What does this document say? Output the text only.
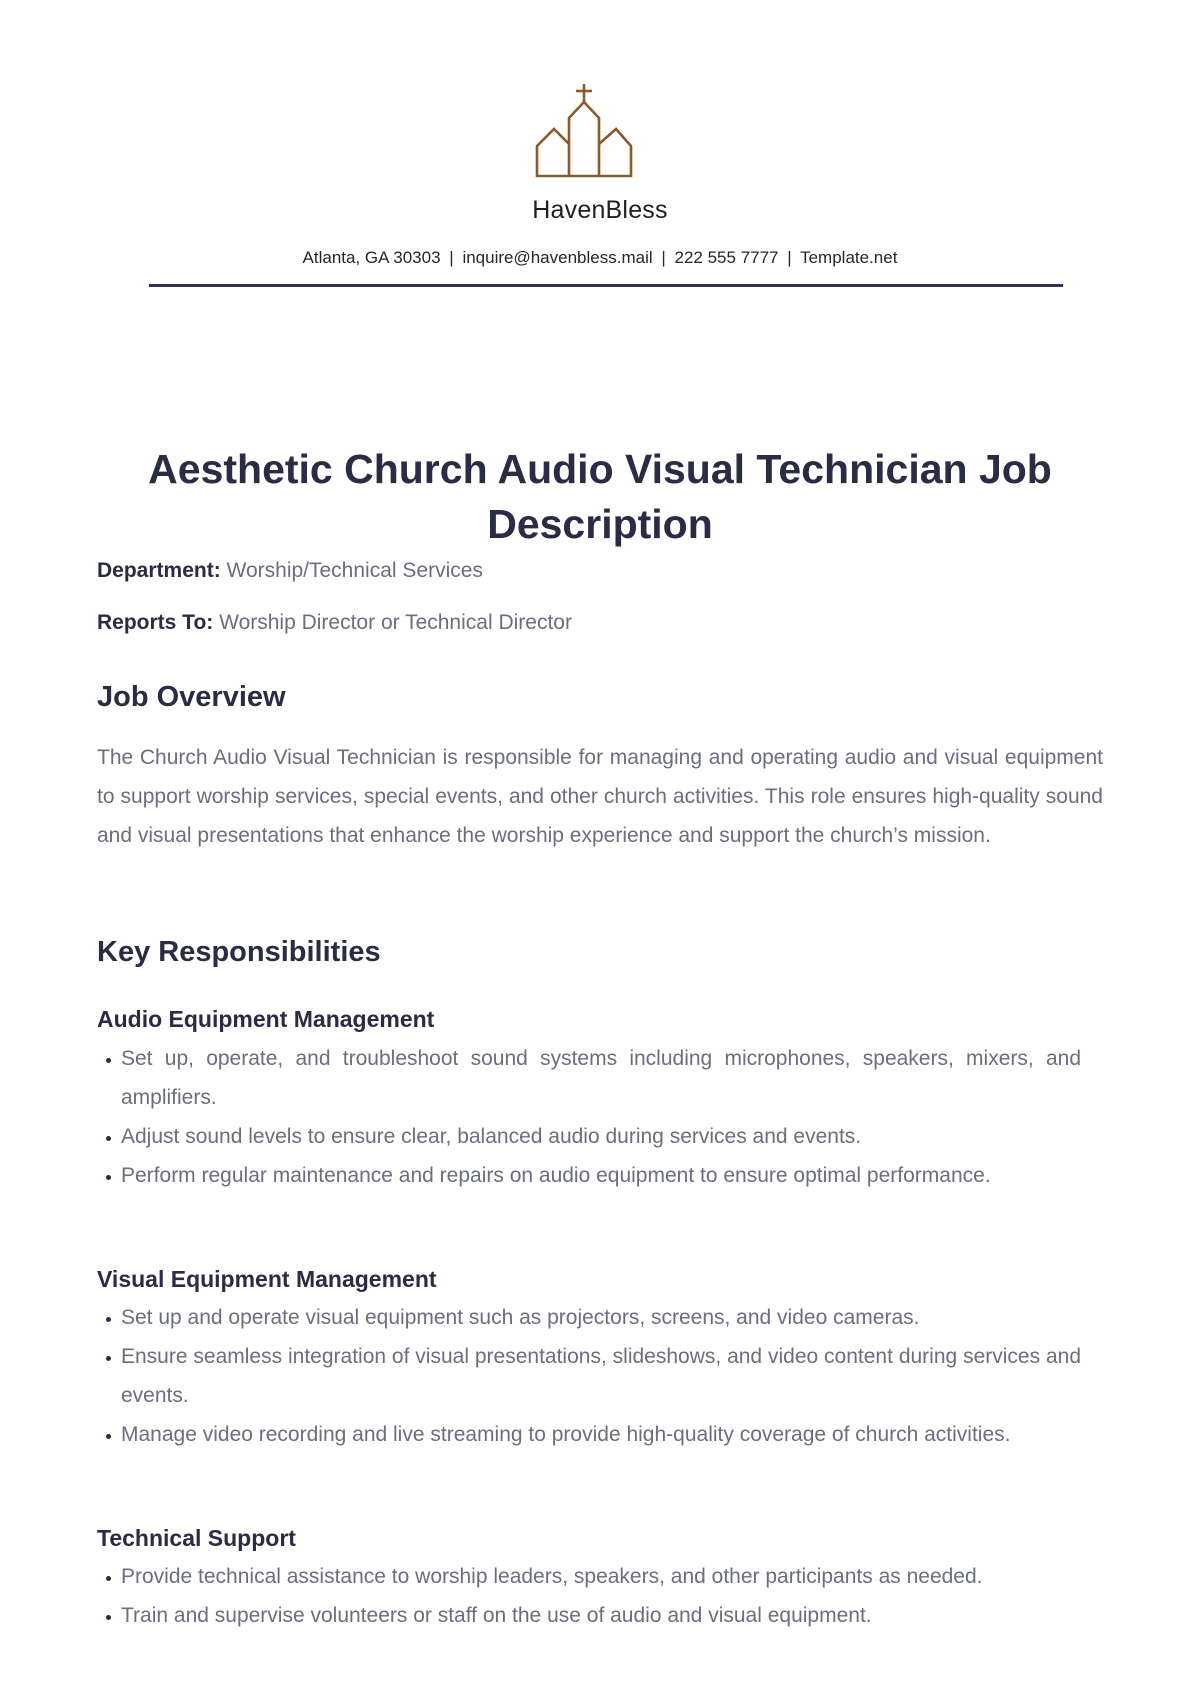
HavenBless
Atlanta, GA 30303 | inquire@havenbless.mail | 222 555 7777 | Template.net
Aesthetic Church Audio Visual Technician Job Description

Department: Worship/Technical Services

Reports To: Worship Director or Technical Director

Job Overview

The Church Audio Visual Technician is responsible for managing and operating audio and visual equipment to support worship services, special events, and other church activities. This role ensures high-quality sound and visual presentations that enhance the worship experience and support the church’s mission.

Key Responsibilities
Audio Equipment Management
Set up, operate, and troubleshoot sound systems including microphones, speakers, mixers, and amplifiers.
Adjust sound levels to ensure clear, balanced audio during services and events.
Perform regular maintenance and repairs on audio equipment to ensure optimal performance.
Visual Equipment Management
Set up and operate visual equipment such as projectors, screens, and video cameras.
Ensure seamless integration of visual presentations, slideshows, and video content during services and events.
Manage video recording and live streaming to provide high-quality coverage of church activities.
Technical Support
Provide technical assistance to worship leaders, speakers, and other participants as needed.
Train and supervise volunteers or staff on the use of audio and visual equipment.
